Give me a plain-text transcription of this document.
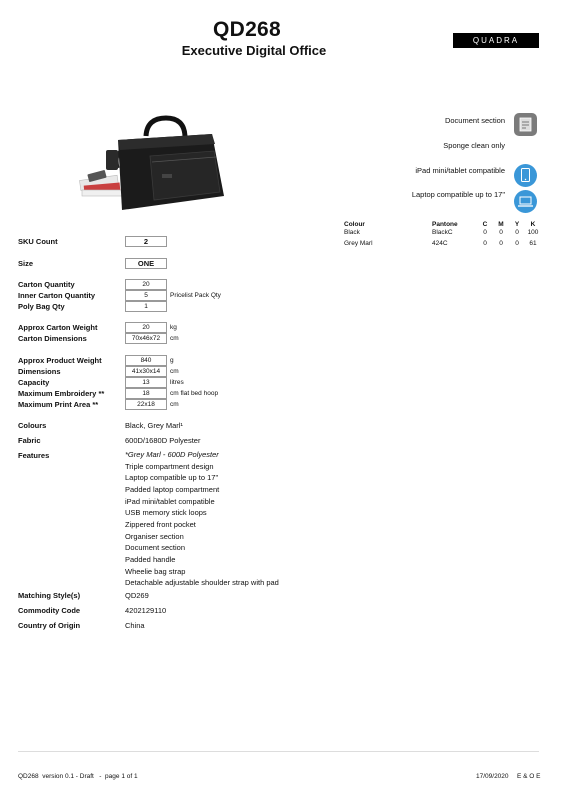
QD268
Executive Digital Office
QUADRA
Document section
Sponge clean only
iPad mini/tablet compatible
Laptop compatible up to 17"
Colour	Pantone	C	M	Y	K
Black	BlackC	0	0	0	100
Grey Marl	424C	0	0	0	61
SKU Count	2
Size	ONE
Carton Quantity	20
Inner Carton Quantity	5	Pricelist Pack Qty
Poly Bag Qty	1
Approx Carton Weight	20	kg
Carton Dimensions	70x46x72	cm
Approx Product Weight	840	g
Dimensions	41x30x14	cm
Capacity	13	litres
Maximum Embroidery **	18	cm flat bed hoop
Maximum Print Area **	22x18	cm
Colours	Black, Grey Marl¹
Fabric	600D/1680D Polyester
Features	*Grey Marl - 600D Polyester
Triple compartment design
Laptop compatible up to 17"
Padded laptop compartment
iPad mini/tablet compatible
USB memory stick loops
Zippered front pocket
Organiser section
Document section
Padded handle
Wheelie bag strap
Detachable adjustable shoulder strap with pad
Matching Style(s)	QD269
Commodity Code	4202129110
Country of Origin	China
QD268  version 0.1 - Draft   -  page 1 of 1	17/09/2020 E & O E
